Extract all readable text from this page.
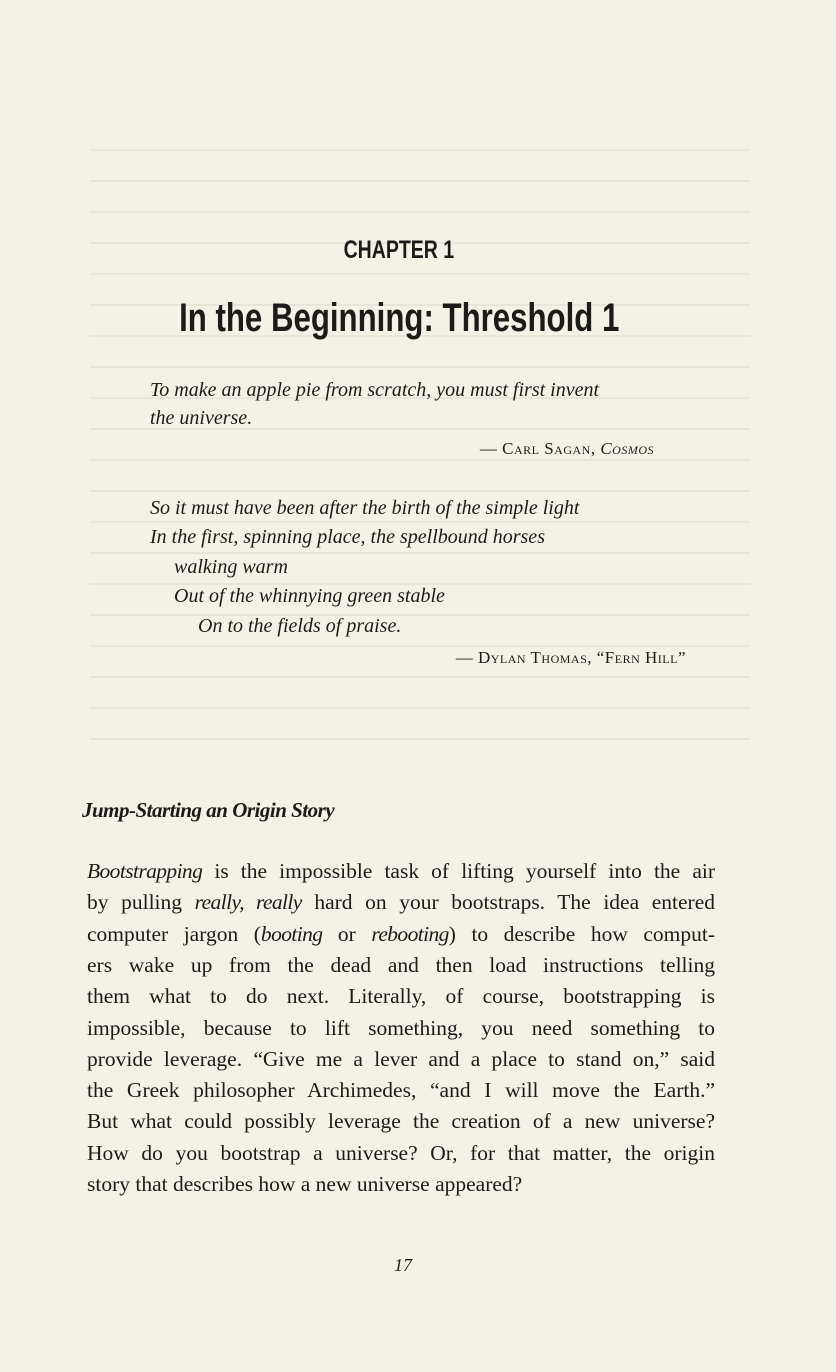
CHAPTER 1
In the Beginning: Threshold 1
To make an apple pie from scratch, you must first invent
the universe.
— Carl Sagan, Cosmos
So it must have been after the birth of the simple light
In the first, spinning place, the spellbound horses
walking warm
Out of the whinnying green stable
On to the fields of praise.
— Dylan Thomas, “Fern Hill”
Jump-Starting an Origin Story
Bootstrapping is the impossible task of lifting yourself into the air
by pulling really, really hard on your bootstraps. The idea entered
computer jargon (booting or rebooting) to describe how comput-
ers wake up from the dead and then load instructions telling
them what to do next. Literally, of course, bootstrapping is
impossible, because to lift something, you need something to
provide leverage. “Give me a lever and a place to stand on,” said
the Greek philosopher Archimedes, “and I will move the Earth.”
But what could possibly leverage the creation of a new universe?
How do you bootstrap a universe? Or, for that matter, the origin
story that describes how a new universe appeared?
17
